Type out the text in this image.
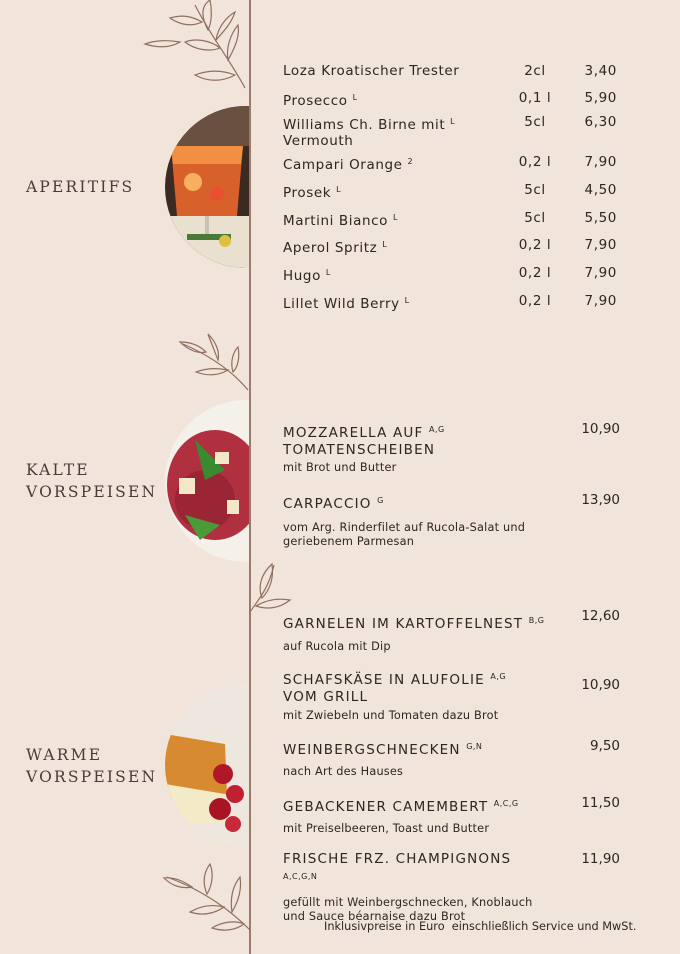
APERITIFS
KALTE
VORSPEISEN
WARME
VORSPEISEN
Loza Kroatischer Trester	2cl	3,40
Prosecco $^L$	0,1 l	5,90
Williams Ch. Birne mit $^L$
Vermouth
5cl	6,30
Campari Orange $^2$	0,2 l	7,90
Prosek $^L$	5cl	4,50
Martini Bianco $^L$	5cl	5,50
Aperol Spritz $^L$	0,2 l	7,90
Hugo $^L$	0,2 l	7,90
Lillet Wild Berry $^L$	0,2 l	7,90
MOZZARELLA AUF $^{A,G}$
TOMATENSCHEIBEN
mit Brot und Butter
10,90
CARPACCIO $^G$
vom Arg. Rinderfilet auf Rucola-Salat und
geriebenem Parmesan
13,90
GARNELEN IM KARTOFFELNEST $^{B,G}$
auf Rucola mit Dip
12,60
SCHAFSKÄSE IN ALUFOLIE $^{A,G}$
VOM GRILL
mit Zwiebeln und Tomaten dazu Brot
10,90
WEINBERGSCHNECKEN $^{G,N}$
nach Art des Hauses
9,50
GEBACKENER CAMEMBERT $^{A,C,G}$
mit Preiselbeeren, Toast und Butter
11,50
FRISCHE FRZ. CHAMPIGNONS $^{A,C,G,N}$
gefüllt mit Weinbergschnecken, Knoblauch
und Sauce béarnaise dazu Brot
11,90
Inklusivpreise in Euro  einschließlich Service und MwSt.
